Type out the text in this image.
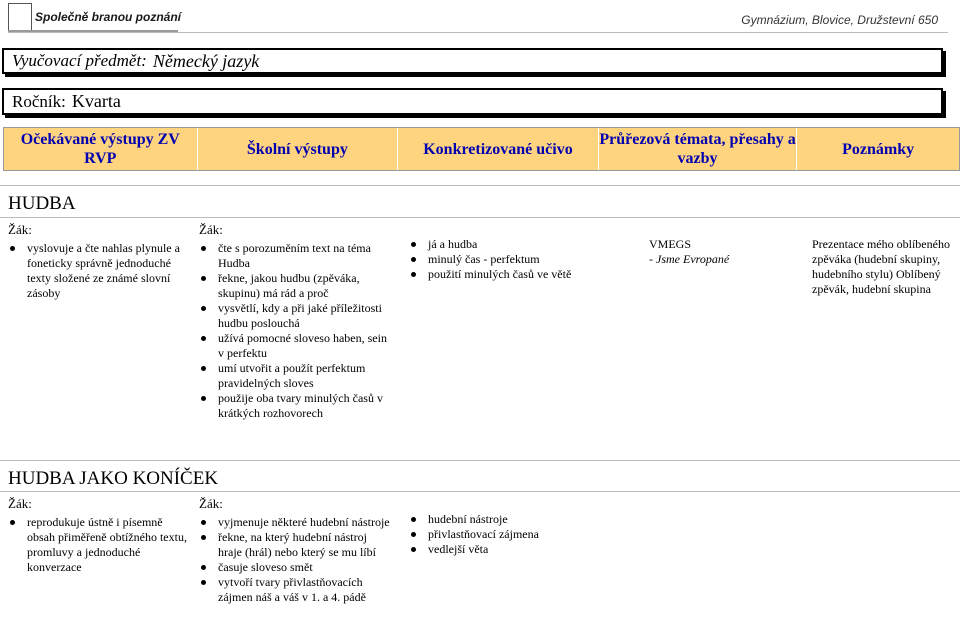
Společně branou poznání	Gymnázium, Blovice, Družstevní 650
Vyučovací předmět: Německý jazyk
Ročník: Kvarta
Očekávané výstupy ZV RVP
Školní výstupy	Konkretizované učivo
Průřezová témata, přesahy a vazby
Poznámky
HUDBA
Žák:
vyslovuje a čte nahlas plynule a foneticky správně jednoduché texty složené ze známé slovní zásoby
Žák:
čte s porozuměním text na téma Hudba
řekne, jakou hudbu (zpěváka, skupinu) má rád a proč
vysvětlí, kdy a při jaké příležitosti hudbu poslouchá
užívá pomocné sloveso haben, sein v perfektu
umí utvořit a použít perfektum pravidelných sloves
použije oba tvary minulých časů v krátkých rozhovorech
já a hudba
minulý čas - perfektum
použití minulých časů ve větě
VMEGS
- Jsme Evropané
Prezentace mého oblíbeného zpěváka (hudební skupiny, hudebního stylu) Oblíbený zpěvák, hudební skupina
HUDBA JAKO KONÍČEK
Žák:
reprodukuje ústně i písemně obsah přiměřeně obtížného textu, promluvy a jednoduché konverzace
Žák:
vyjmenuje některé hudební nástroje
řekne, na který hudební nástroj hraje (hrál) nebo který se mu líbí
časuje sloveso smět
vytvoří tvary přivlastňovacích zájmen náš a váš v 1. a 4. pádě
hudební nástroje
přivlastňovací zájmena
vedlejší věta
